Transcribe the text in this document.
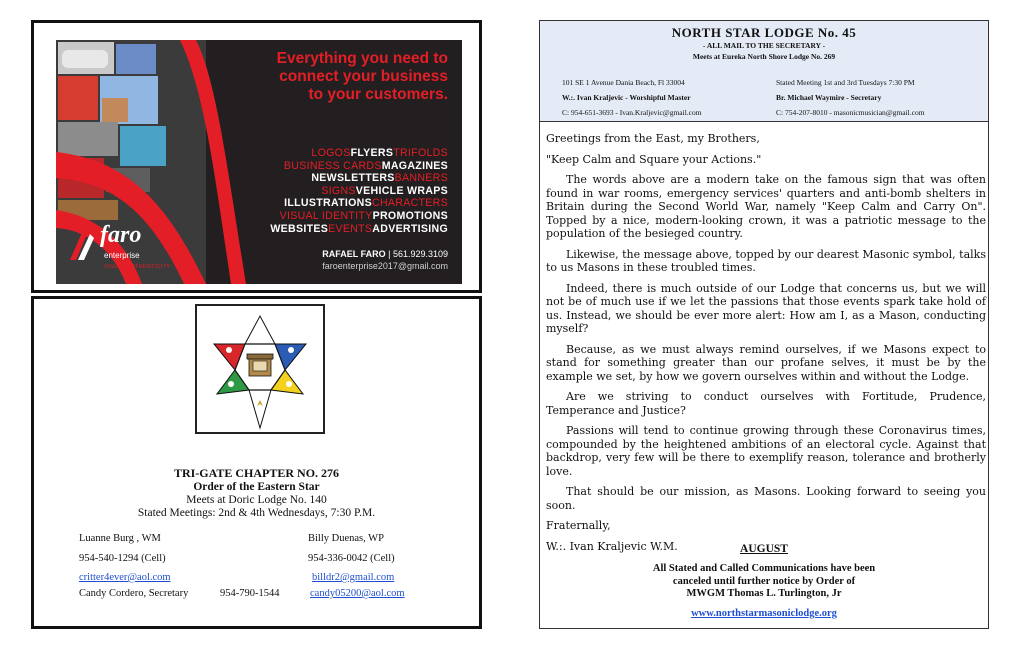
Everything you need to
connect your business
to your customers.
LOGOSFLYERSTRIFOLDS
BUSINESS CARDSMAGAZINES
NEWSLETTERSBANNERS
SIGNSVEHICLE WRAPS
ILLUSTRATIONSCHARACTERS
VISUAL IDENTITYPROMOTIONS
WEBSITESEVENTSADVERTISING
RAFAEL FARO | 561.929.3109
faroenterprise2017@gmail.com
faro
enterprise
VISUAL AUTHENTICITY
TRI-GATE CHAPTER NO. 276
Order of the Eastern Star
Meets at Doric Lodge No. 140
Stated Meetings: 2nd & 4th Wednesdays, 7:30 P.M.
Luanne Burg , WM	Billy Duenas, WP
954-540-1294 (Cell)	954-336-0042 (Cell)
critter4ever@aol.com	billdr2@gmail.com
Candy Cordero, Secretary	954-790-1544	candy05200@aol.com
NORTH STAR LODGE No. 45
- ALL MAIL TO THE SECRETARY -
Meets at Eureka North Shore Lodge No. 269
101 SE 1 Avenue Dania Beach, Fl 33004	Stated Meeting 1st and 3rd Tuesdays 7:30 PM
W.:. Ivan Kraljevic - Worshipful Master	Br. Michael Waymire - Secretary
C: 954-651-3693 - Ivan.Kraljevic@gmail.com	C: 754-207-8010 - masonicmusician@gmail.com

Greetings from the East, my Brothers,

"Keep Calm and Square your Actions."

The words above are a modern take on the famous sign that was often found in war rooms, emergency services' quarters and anti-bomb shelters in Britain during the Second World War, namely "Keep Calm and Carry On". Topped by a nice, modern-looking crown, it was a patriotic message to the population of the besieged country.

Likewise, the message above, topped by our dearest Masonic symbol, talks to us Masons in these troubled times.

Indeed, there is much outside of our Lodge that concerns us, but we will not be of much use if we let the passions that those events spark take hold of us. Instead, we should be ever more alert: How am I, as a Mason, conducting myself?

Because, as we must always remind ourselves, if we Masons expect to stand for something greater than our profane selves, it must be by the example we set, by how we govern ourselves within and without the Lodge.

Are we striving to conduct ourselves with Fortitude, Prudence, Temperance and Justice?

Passions will tend to continue growing through these Coronavirus times, compounded by the heightened ambitions of an electoral cycle. Against that backdrop, very few will be there to exemplify reason, tolerance and brotherly love.

That should be our mission, as Masons. Looking forward to seeing you soon.

Fraternally,

W.:. Ivan Kraljevic W.M.	AUGUST
All Stated and Called Communications have been
canceled until further notice by Order of
MWGM Thomas L. Turlington, Jr
www.northstarmasoniclodge.org
